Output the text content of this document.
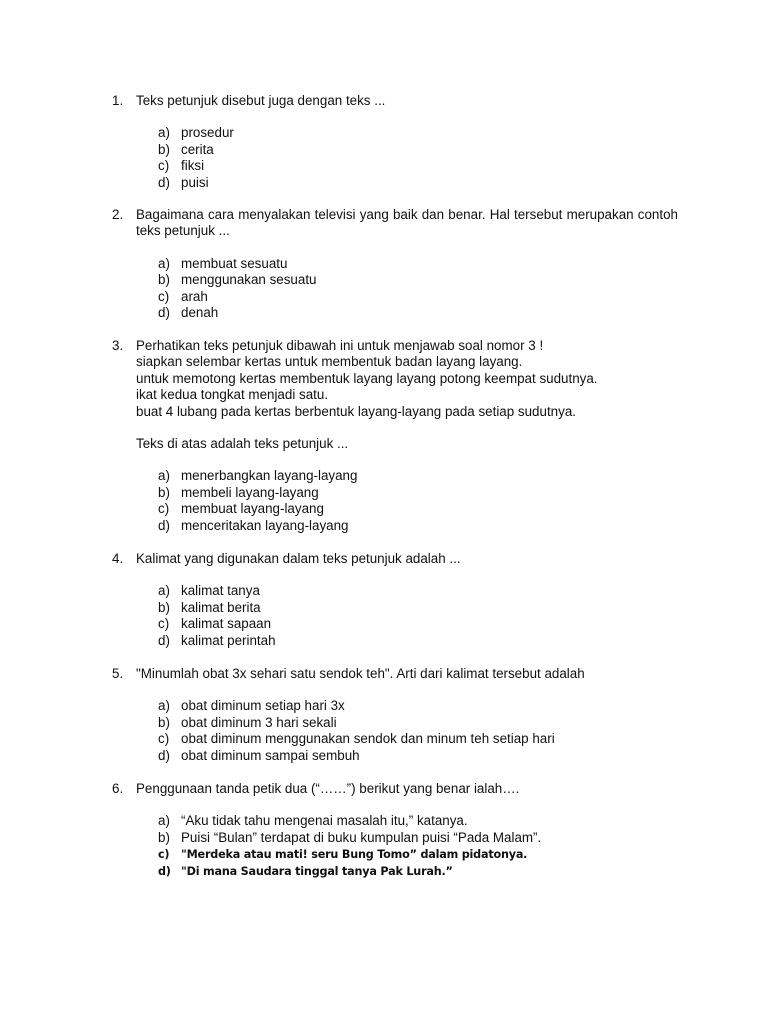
1. Teks petunjuk disebut juga dengan teks ...
a) prosedur
b) cerita
c) fiksi
d) puisi
2. Bagaimana cara menyalakan televisi yang baik dan benar. Hal tersebut merupakan contoh teks petunjuk ...
a) membuat sesuatu
b) menggunakan sesuatu
c) arah
d) denah
3. Perhatikan teks petunjuk dibawah ini untuk menjawab soal nomor 3 !
siapkan selembar kertas untuk membentuk badan layang layang.
untuk memotong kertas membentuk layang layang potong keempat sudutnya.
ikat kedua tongkat menjadi satu.
buat 4 lubang pada kertas berbentuk layang-layang pada setiap sudutnya.
Teks di atas adalah teks petunjuk ...
a) menerbangkan layang-layang
b) membeli layang-layang
c) membuat layang-layang
d) menceritakan layang-layang
4. Kalimat yang digunakan dalam teks petunjuk adalah ...
a) kalimat tanya
b) kalimat berita
c) kalimat sapaan
d) kalimat perintah
5. "Minumlah obat 3x sehari satu sendok teh". Arti dari kalimat tersebut adalah
a) obat diminum setiap hari 3x
b) obat diminum 3 hari sekali
c) obat diminum menggunakan sendok dan minum teh setiap hari
d) obat diminum sampai sembuh
6. Penggunaan tanda petik dua (“……”) berikut yang benar ialah….
a) “Aku tidak tahu mengenai masalah itu,” katanya.
b) Puisi “Bulan” terdapat di buku kumpulan puisi “Pada Malam”.
c)	"Merdeka atau mati! seru Bung Tomo” dalam pidatonya.
d) "Di mana Saudara tinggal tanya Pak Lurah.”
